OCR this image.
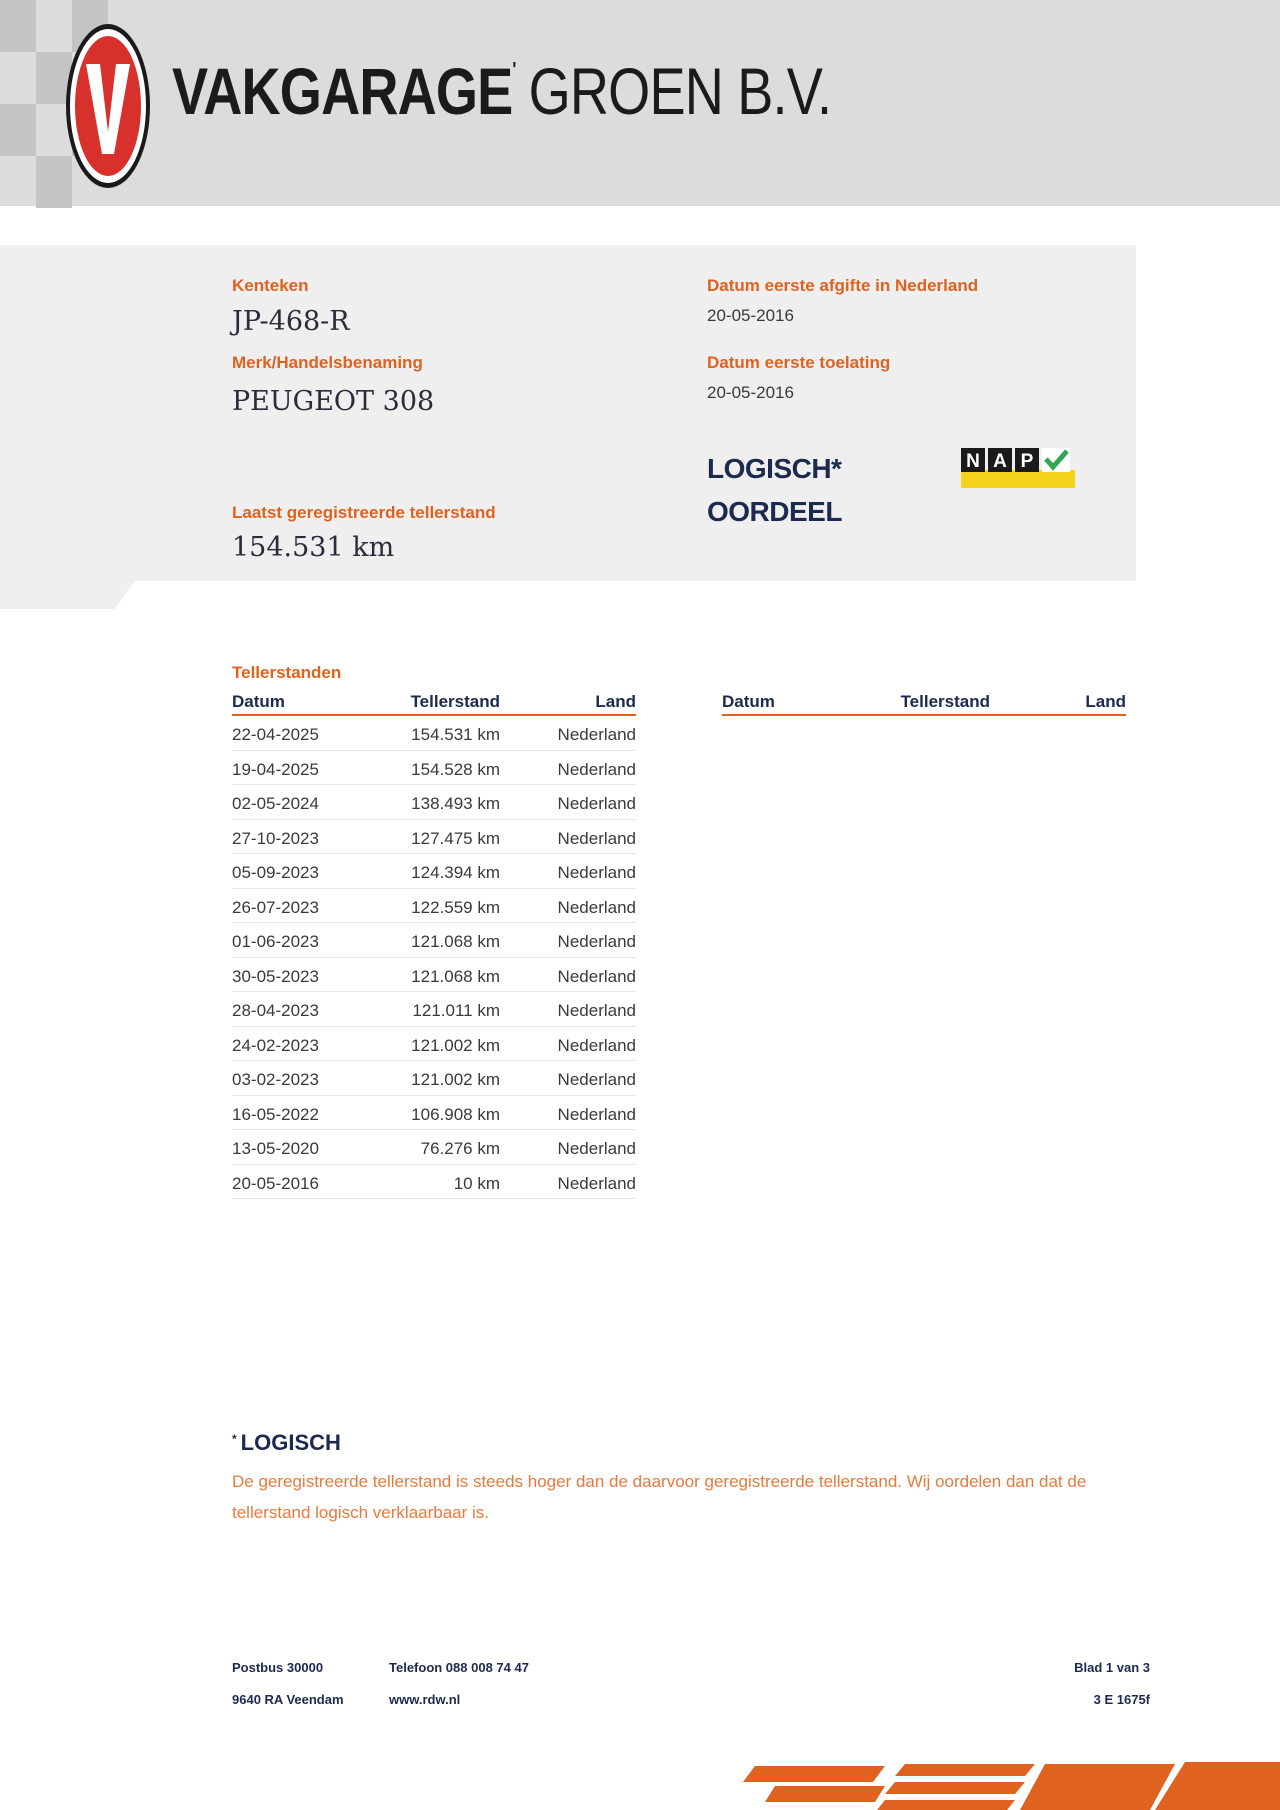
VAKGARAGE' GROEN B.V.
Kenteken
JP-468-R
Merk/Handelsbenaming
PEUGEOT 308
Laatst geregistreerde tellerstand
154.531 km
Datum eerste afgifte in Nederland
20-05-2016
Datum eerste toelating
20-05-2016
LOGISCH*
OORDEEL
N A P
Tellerstanden
Datum	Tellerstand	Land
22-04-2025	154.531 km	Nederland
19-04-2025	154.528 km	Nederland
02-05-2024	138.493 km	Nederland
27-10-2023	127.475 km	Nederland
05-09-2023	124.394 km	Nederland
26-07-2023	122.559 km	Nederland
01-06-2023	121.068 km	Nederland
30-05-2023	121.068 km	Nederland
28-04-2023	121.011 km	Nederland
24-02-2023	121.002 km	Nederland
03-02-2023	121.002 km	Nederland
16-05-2022	106.908 km	Nederland
13-05-2020	76.276 km	Nederland
20-05-2016	10 km	Nederland
Datum	Tellerstand	Land
* LOGISCH
De geregistreerde tellerstand is steeds hoger dan de daarvoor geregistreerde tellerstand. Wij oordelen dan dat de tellerstand logisch verklaarbaar is.
Postbus 30000
9640 RA Veendam
Telefoon 088 008 74 47
www.rdw.nl
Blad 1 van 3
3 E 1675f
